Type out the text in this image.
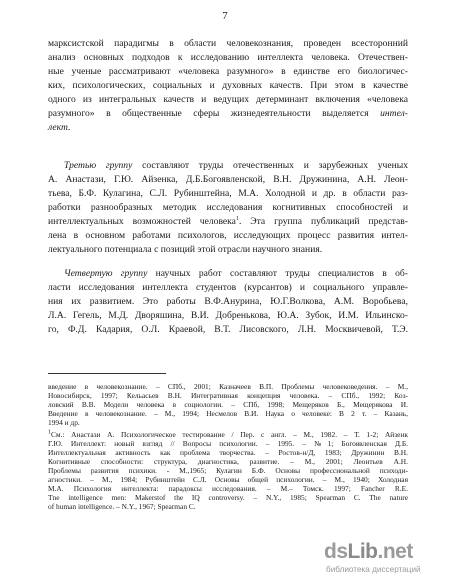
7
марксистской парадигмы в области человекознания, проведен всесторонний
анализ основных подходов к исследованию интеллекта человека. Отечествен-
ные ученые рассматривают «человека разумного» в единстве его биологичес-
ких, психологических, социальных и духовных качеств. При этом в качестве
одного из интегральных качеств и ведущих детерминант включения «человека
разумного» в общественные сферы жизнедеятельности выделяется интел-
лект.
Третью группу составляют труды отечественных и зарубежных ученых
А. Анастази, Г.Ю. Айзенка, Д.Б.Богоявленской, В.Н. Дружинина, А.Н. Леон-
тьева, Б.Ф. Кулагина, С.Л. Рубинштейна, М.А. Холодной и др. в области раз-
работки разнообразных методик исследования когнитивных способностей и
интеллектуальных возможностей человека$^1$. Эта группа публикаций представ-
лена в основном работами психологов, исследующих процесс развития интел-
лектуального потенциала с позиций этой отрасли научного знания.
Четвертую группу научных работ составляют труды специалистов в об-
ласти исследования интеллекта студентов (курсантов) и социального управле-
ния их развитием. Это работы В.Ф.Анурина, Ю.Г.Волкова, А.М. Воробьева,
Л.А. Гегель, М.Д. Дворяшина, В.И. Добренькова, Ю.А. Зубок, И.М. Ильинско-
го, Ф.Д. Кадария, О.Л. Краевой, В.Т. Лисовского, Л.Н. Москвичевой, Т.Э.
введение в человекознание. – СПб., 2001; Казначеев В.П. Проблемы человековедения. – М.,
Новосибирск, 1997; Кельасьев В.Н. Интегративная концепция человека. – СПб., 1992; Коз-
ловский В.В. Модели человека в социологии. – СПб, 1998; Мещеряков Б., Мещерякова И.
Введение в человекознание. – М., 1994; Несмелов В.И. Наука о человеке: В 2 т. – Казань,
1994 и др.
$^1$См.: Анастази А. Психологическое тестирование / Пер. с англ. – М., 1982. – Т. 1-2; Айзенк
Г.Ю. Интеллект: новый взгляд // Вопросы психологии. – 1995. – №1; Богоявленская Д.Б.
Интеллектуальная активность как проблема творчества. – Ростов-н/Д, 1983; Дружинин В.Н.
Когнитивные способности: структура, диагностика, развитие. – М., 2001; Леонтьев А.Н.
Проблемы развития психики. - М.,1965; Кулагин Б.Ф. Основы профессиональной психоди-
агностики. – М., 1984; Рубинштейн С.Л. Основы общей психологии. – М., 1940; Холодная
М.А. Психология интеллекта: парадоксы исследования. – М.– Томск. 1997; Fancher R.E.
Tne intelligence men: Makerstof the IQ controversy. – N.Y., 1985; Spearman C. The nature
of human intelligence. – N.Y., 1967; Spearman C.
dsLib.net
библиотека диссертаций
